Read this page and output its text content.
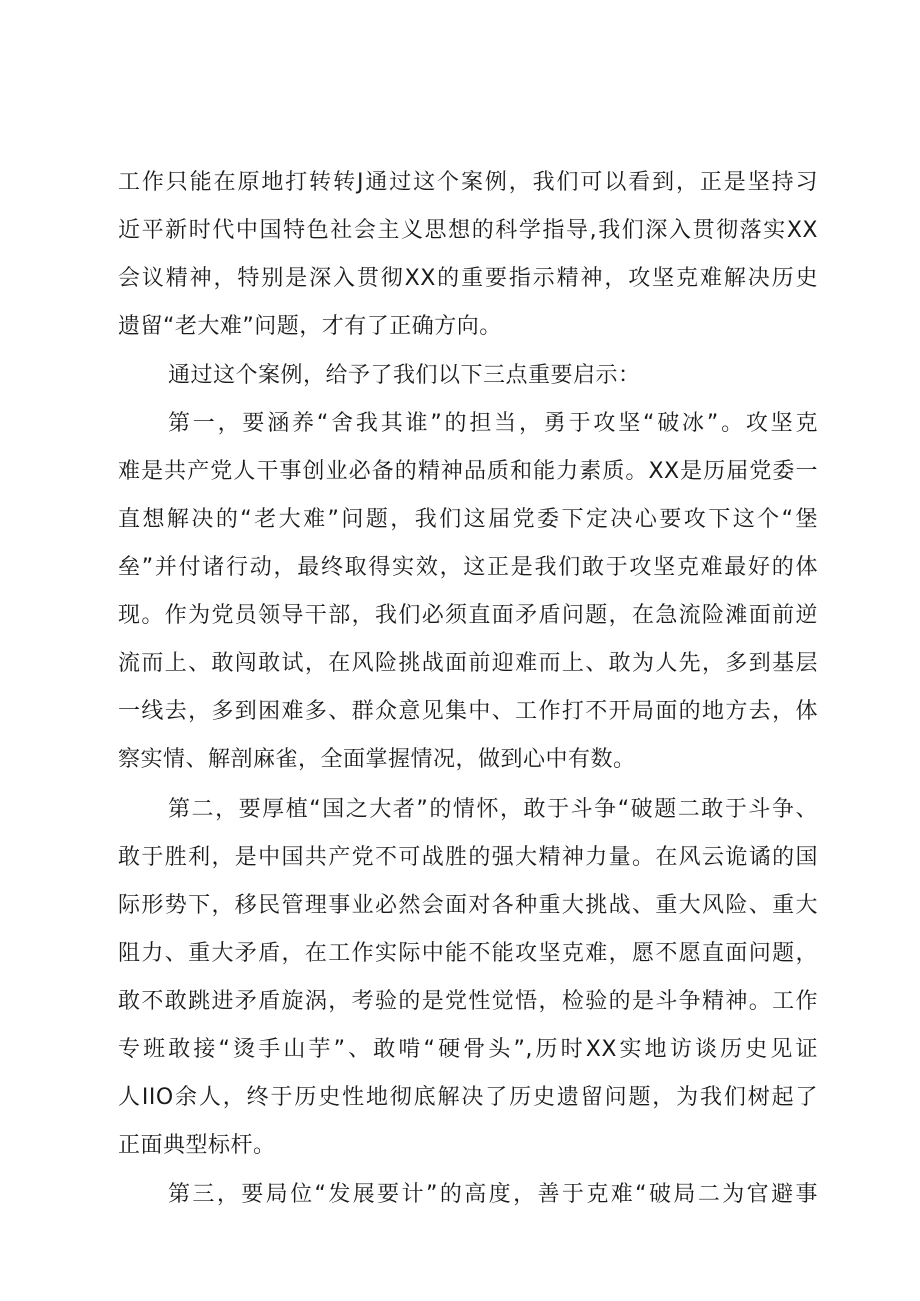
工作只能在原地打转转J通过这个案例，我们可以看到，正是坚持习
近平新时代中国特色社会主义思想的科学指导,我们深入贯彻落实XX
会议精神，特别是深入贯彻XX的重要指示精神，攻坚克难解决历史
遗留“老大难”问题，才有了正确方向。
通过这个案例，给予了我们以下三点重要启示：
第一，要涵养“舍我其谁”的担当，勇于攻坚“破冰”。攻坚克
难是共产党人干事创业必备的精神品质和能力素质。XX是历届党委一
直想解决的“老大难”问题，我们这届党委下定决心要攻下这个“堡
垒”并付诸行动，最终取得实效，这正是我们敢于攻坚克难最好的体
现。作为党员领导干部，我们必须直面矛盾问题，在急流险滩面前逆
流而上、敢闯敢试，在风险挑战面前迎难而上、敢为人先，多到基层
一线去，多到困难多、群众意见集中、工作打不开局面的地方去，体
察实情、解剖麻雀，全面掌握情况，做到心中有数。
第二，要厚植“国之大者”的情怀，敢于斗争“破题二敢于斗争、
敢于胜利，是中国共产党不可战胜的强大精神力量。在风云诡谲的国
际形势下，移民管理事业必然会面对各种重大挑战、重大风险、重大
阻力、重大矛盾，在工作实际中能不能攻坚克难，愿不愿直面问题，
敢不敢跳进矛盾旋涡，考验的是党性觉悟，检验的是斗争精神。工作
专班敢接“烫手山芋”、敢啃“硬骨头”,历时XX实地访谈历史见证
人IIO余人，终于历史性地彻底解决了历史遗留问题，为我们树起了
正面典型标杆。
第三，要局位“发展要计”的高度，善于克难“破局二为官避事
